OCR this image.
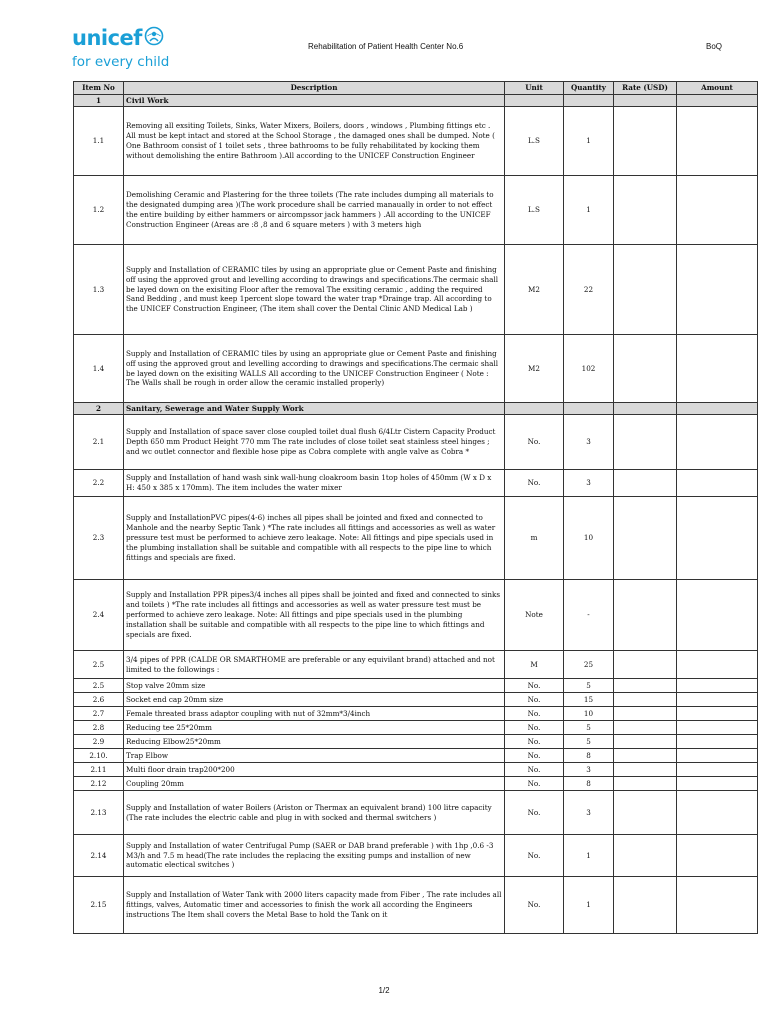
unicef
for every child
Rehabilitation of Patient Health Center No.6	BoQ
Item No	Description	Unit	Quantity	Rate (USD)	Amount
1	Civil Work				
1.1	Removing all exsiting Toilets, Sinks, Water Mixers, Boilers, doors , windows , Plumbing fittings etc . All must be kept intact and stored at the School Storage , the damaged ones shall be dumped. Note ( One Bathroom consist of 1 toilet sets , three bathrooms to be fully rehabilitated by kocking them without demolishing the entire Bathroom ).All according to the UNICEF Construction Engineer	L.S	1		
1.2	Demolishing Ceramic and Plastering for the three toilets (The rate includes dumping all materials to the designated dumping area )(The work procedure shall be carried manaually in order to not effect the entire building by either hammers or aircompssor jack hammers ) .All according to the UNICEF Construction Engineer (Areas are :8 ,8 and 6 square meters ) with 3 meters high	L.S	1		
1.3	Supply and Installation of CERAMIC tiles by using an appropriate glue or Cement Paste and finishing off using the approved grout and levelling according to drawings and specifications.The cermaic shall be layed down on the exisiting Floor after the removal The exsiting ceramic , adding the required Sand Bedding , and must keep 1percent slope toward the water trap *Drainge trap. All according to the UNICEF Construction Engineer, (The item shall cover the Dental Clinic AND Medical Lab )	M2	22		
1.4	Supply and Installation of CERAMIC tiles by using an appropriate glue or Cement Paste and finishing off using the approved grout and levelling according to drawings and specifications.The cermaic shall be layed down on the exisiting WALLS All according to the UNICEF Construction Engineer ( Note : The Walls shall be rough in order allow the ceramic installed properly)	M2	102		
2	Sanitary, Sewerage and Water Supply Work				
2.1	Supply and Installation of space saver close coupled toilet dual flush 6/4Ltr Cistern Capacity Product Depth 650 mm Product Height 770 mm The rate includes of close toilet seat stainless steel hinges ; and wc outlet connector and flexible hose pipe as Cobra complete with angle valve as Cobra *	No.	3		
2.2	Supply and Installation of hand wash sink wall-hung cloakroom basin 1top holes of 450mm (W x D x H: 450 x 385 x 170mm). The item includes the water mixer	No.	3		
2.3	Supply and InstallationPVC pipes(4-6) inches all pipes shall be jointed and fixed and connected to Manhole and the nearby Septic Tank ) *The rate includes all fittings and accessories as well as water pressure test must be performed to achieve zero leakage. Note: All fittings and pipe specials used in the plumbing installation shall be suitable and compatible with all respects to the pipe line to which fittings and specials are fixed.	m	10		
2.4	Supply and Installation PPR pipes3/4 inches all pipes shall be jointed and fixed and connected to sinks and toilets ) *The rate includes all fittings and accessories as well as water pressure test must be performed to achieve zero leakage. Note: All fittings and pipe specials used in the plumbing installation shall be suitable and compatible with all respects to the pipe line to which fittings and specials are fixed.	Note	-		
2.5	3/4 pipes of PPR (CALDE OR SMARTHOME are preferable or any equivilant brand) attached and not limited to the followings :	M	25		
2.5	Stop valve 20mm size	No.	5		
2.6	Socket end cap 20mm size	No.	15		
2.7	Female threated brass adaptor coupling with nut of 32mm*3/4inch	No.	10		
2.8	Reducing tee 25*20mm	No.	5		
2.9	Reducing Elbow25*20mm	No.	5		
2.10.	Trap Elbow	No.	8		
2.11	Multi floor drain trap200*200	No.	3		
2.12	Coupling 20mm	No.	8		
2.13	Supply and Installation of water Boilers (Ariston or Thermax an equivalent brand) 100 litre capacity (The rate includes the electric cable and plug in with socked and thermal switchers )	No.	3		
2.14	Supply and Installation of water Centrifugal Pump (SAER or DAB brand preferable ) with 1hp ,0.6 -3 M3/h and 7.5 m head(The rate includes the replacing the exsiting pumps and installion of new automatic electical switches )	No.	1		
2.15	Supply and Installation of Water Tank with 2000 liters capacity made from Fiber , The rate includes all fittings, valves, Automatic timer and accessories to finish the work all according the Engineers instructions The Item shall covers the Metal Base to hold the Tank on it	No.	1		
1/2
